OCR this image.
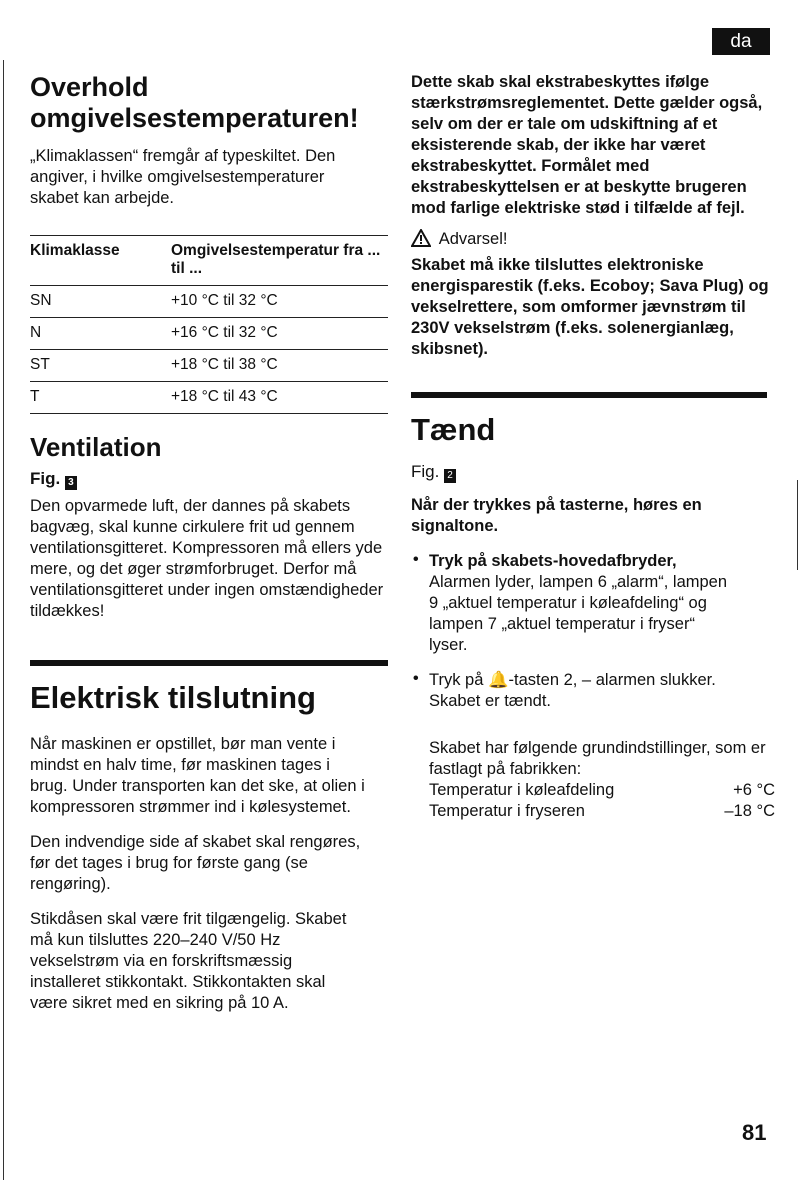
da
Overhold
omgivelsestemperaturen!

„Klimaklassen“ fremgår af typeskiltet. Den angiver, i hvilke omgivelsestemperaturer skabet kan arbejde.

Klimaklasse	Omgivelsestemperatur fra ... til ...
SN	+10 °C til 32 °C
N	+16 °C til 32 °C
ST	+18 °C til 38 °C
T	+18 °C til 43 °C
Ventilation

Fig. 3

Den opvarmede luft, der dannes på skabets bagvæg, skal kunne cirkulere frit ud gennem ventilationsgitteret. Kompressoren må ellers yde mere, og det øger strømforbruget. Derfor må ventilationsgitteret under ingen omstændigheder tildækkes!

Elektrisk tilslutning

Når maskinen er opstillet, bør man vente i mindst en halv time, før maskinen tages i brug. Under transporten kan det ske, at olien i kompressoren strømmer ind i kølesystemet.

Den indvendige side af skabet skal rengøres, før det tages i brug for første gang (se rengøring).

Stikdåsen skal være frit tilgængelig. Skabet må kun tilsluttes 220–240 V/50 Hz vekselstrøm via en forskriftsmæssig installeret stikkontakt. Stikkontakten skal være sikret med en sikring på 10 A.

Dette skab skal ekstrabeskyttes ifølge stærkstrømsreglementet. Dette gælder også, selv om der er tale om udskiftning af et eksisterende skab, der ikke har været ekstrabeskyttet. Formålet med ekstrabeskyttelsen er at beskytte brugeren mod farlige elektriske stød i tilfælde af fejl.

Advarsel!

Skabet må ikke tilsluttes elektroniske energisparestik (f.eks. Ecoboy; Sava Plug) og vekselrettere, som omformer jævnstrøm til 230V vekselstrøm (f.eks. solenergianlæg, skibsnet).

Tænd

Fig. 2

Når der trykkes på tasterne, høres en signaltone.

• Tryk på skabets-hovedafbryder,

Alarmen lyder, lampen 6 „alarm“, lampen 9 „aktuel temperatur i køleafdeling“ og lampen 7 „aktuel temperatur i fryser“ lyser.

• Tryk på 🔔-tasten 2, – alarmen slukker.

Skabet er tændt.

Skabet har følgende grundindstillinger, som er fastlagt på fabrikken:

Temperatur i køleafdeling	+6 °C
Temperatur i fryseren	–18 °C
81
